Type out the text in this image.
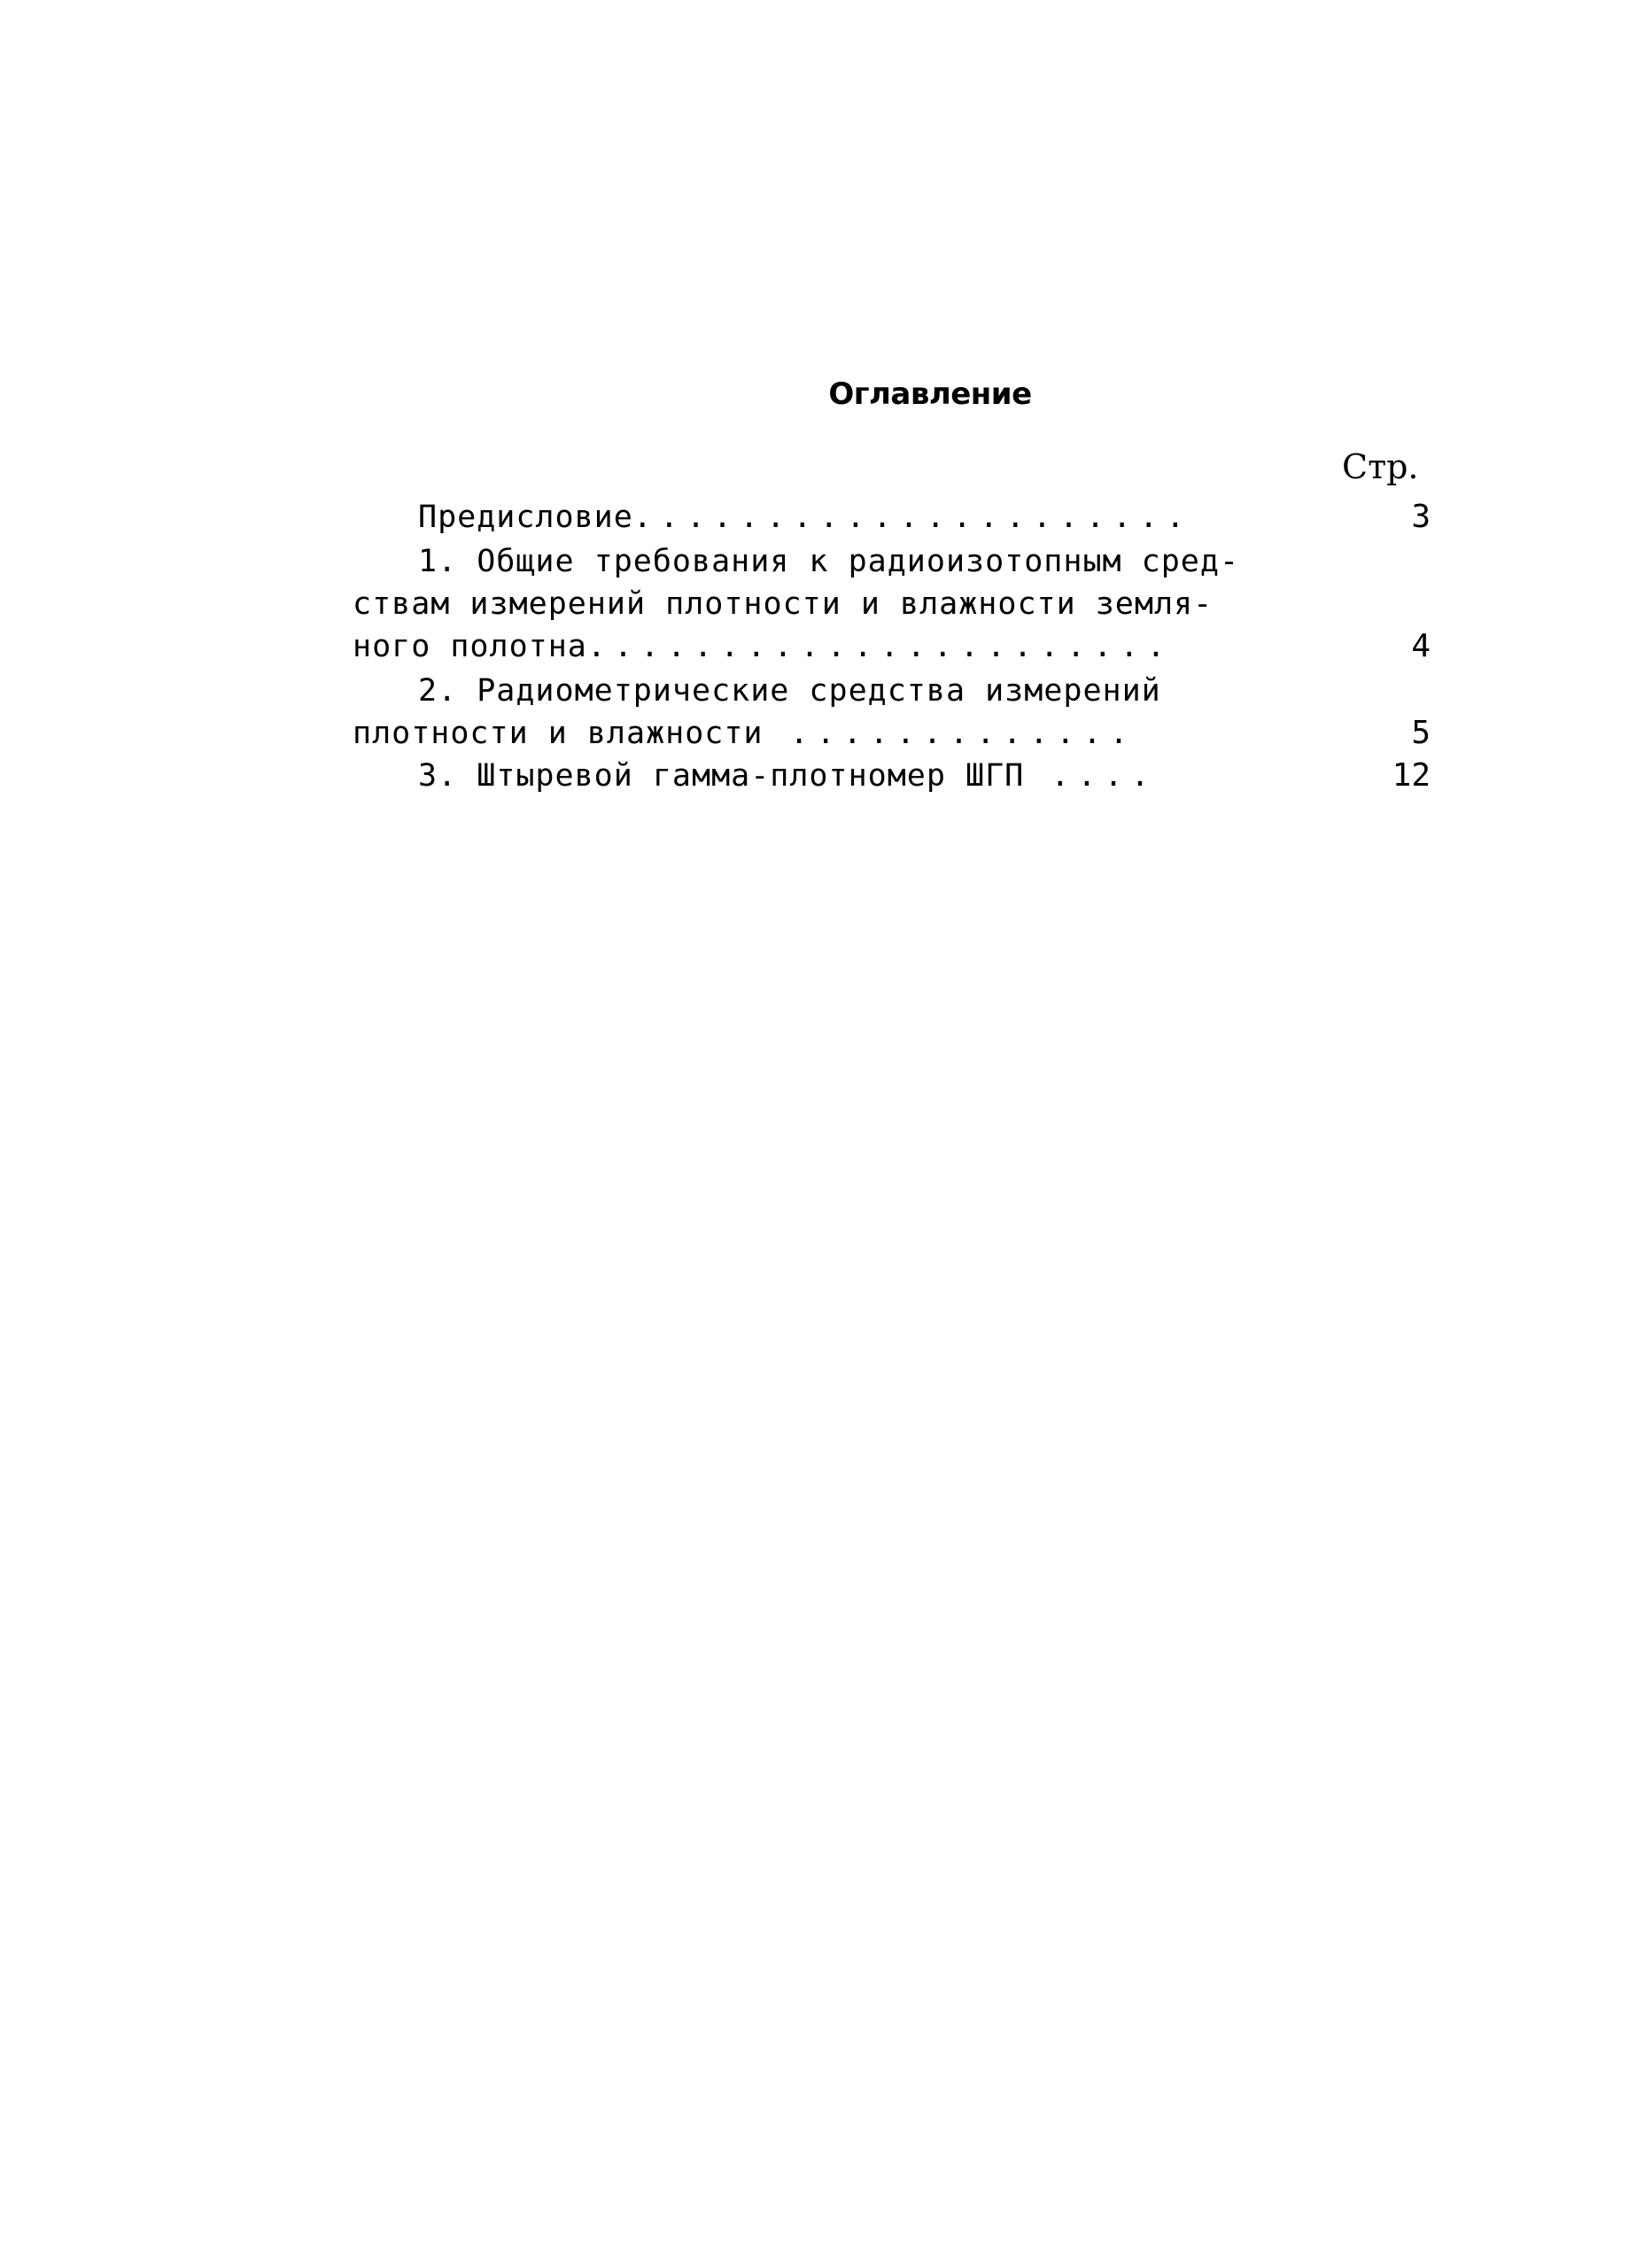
Оглавление
Стр.
Предисловие.....................	3
1. Общие требования к радиоизотопным сред-
ствам измерений плотности и влажности земля-
ного полотна......................	4
2. Радиометрические средства измерений
плотности и влажности .............	5
3. Штыревой гамма-плотномер ШГП ....	12
